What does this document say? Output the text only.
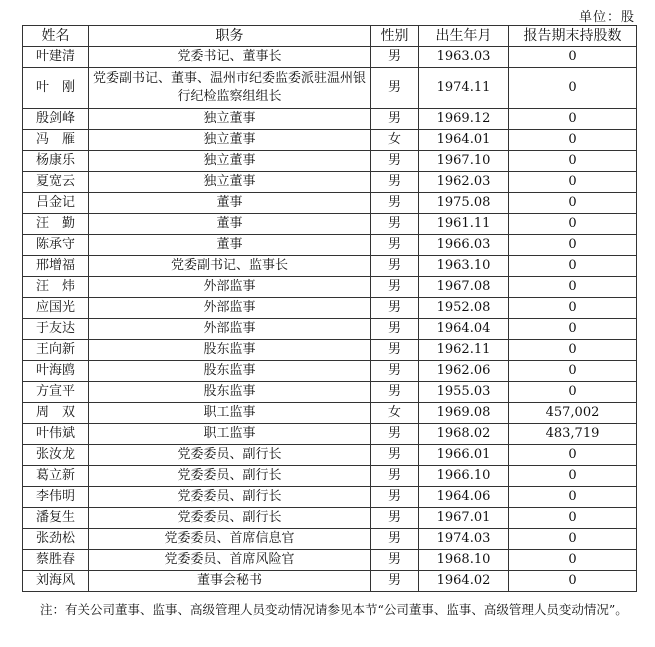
单位：股
姓名	职务	性别	出生年月	报告期末持股数
叶建清	党委书记、董事长	男	1963.03	0
叶　刚	党委副书记、董事、温州市纪委监委派驻温州银行纪检监察组组长	男	1974.11	0
殷剑峰	独立董事	男	1969.12	0
冯　雁	独立董事	女	1964.01	0
杨康乐	独立董事	男	1967.10	0
夏宽云	独立董事	男	1962.03	0
吕金记	董事	男	1975.08	0
汪　勤	董事	男	1961.11	0
陈承守	董事	男	1966.03	0
邢增福	党委副书记、监事长	男	1963.10	0
汪　炜	外部监事	男	1967.08	0
应国光	外部监事	男	1952.08	0
于友达	外部监事	男	1964.04	0
王向新	股东监事	男	1962.11	0
叶海鸥	股东监事	男	1962.06	0
方宣平	股东监事	男	1955.03	0
周　双	职工监事	女	1969.08	457,002
叶伟斌	职工监事	男	1968.02	483,719
张汝龙	党委委员、副行长	男	1966.01	0
葛立新	党委委员、副行长	男	1966.10	0
李伟明	党委委员、副行长	男	1964.06	0
潘复生	党委委员、副行长	男	1967.01	0
张劲松	党委委员、首席信息官	男	1974.03	0
蔡胜春	党委委员、首席风险官	男	1968.10	0
刘海风	董事会秘书	男	1964.02	0
注：有关公司董事、监事、高级管理人员变动情况请参见本节“公司董事、监事、高级管理人员变动情况”。
